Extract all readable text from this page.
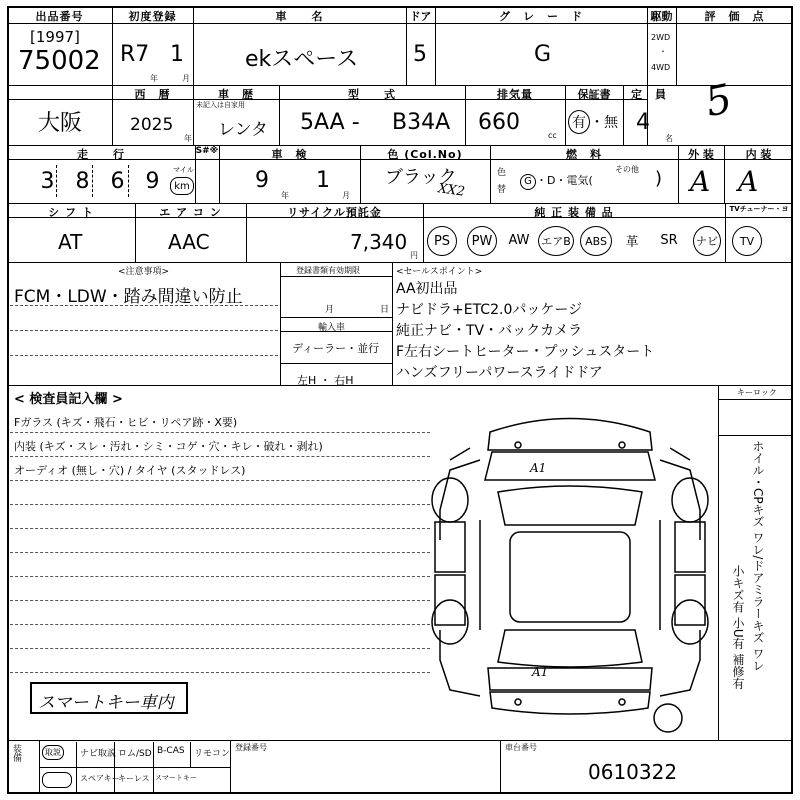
出品番号
[1997]
75002
初度登録
R7 1
年	月
車　　名
ekスペース
ドア
5
グ　レ　ー　ド
G
駆動
2WD
・
4WD
評　価　点
5
大阪
西　暦
2025
年
車　歴
未記入は自家用
レンタ
型　　式
5AA - B34A
排気量
660
cc
保証書
有 ・無
定　員
4
名
走　　行
3 8 6 9 マイル
km
S#※	車　検
9
年
1
月
色 (Col.No)
ブラック
XX2
色
替
燃　料
G ・D・電気(
その他 )
外 装
A
内 装
A
シ フ ト
AT
エ ア コ ン
AAC
リサイクル預託金
7,340
円
純 正 装 備 品	TVチューナー・ヨ
PS	PW	AW	エアB	ABS	革	SR	ナビ	TV
<注意事項>
FCM・LDW・踏み間違い防止
登録書類有効期限
月	日
輸入車
ディーラー・並行
左H ・ 右H
<セールスポイント>
AA初出品
ナビドラ+ETC2.0パッケージ
純正ナビ・TV・バックカメラ
F左右シートヒーター・プッシュスタート
ハンズフリーパワースライドドア
< 検査員記入欄 >
Fガラス (キズ・飛石・ヒビ・リペア跡・X要)
内装 (キズ・スレ・汚れ・シミ・コゲ・穴・キレ・破れ・剥れ)
オーディオ (無し・穴) / タイヤ (スタッドレス)
スマートキー車内
キーロック
A1
A1
ホイル・CPキズ ワレ/ドアミラーキズ ワレ
小キズ有 小U有 補修有
装備	取説	ナビ取説 ロム/SD B-CAS リモコン
スペアキー
キーレス スマートキー
登録番号	車台番号
0610322
